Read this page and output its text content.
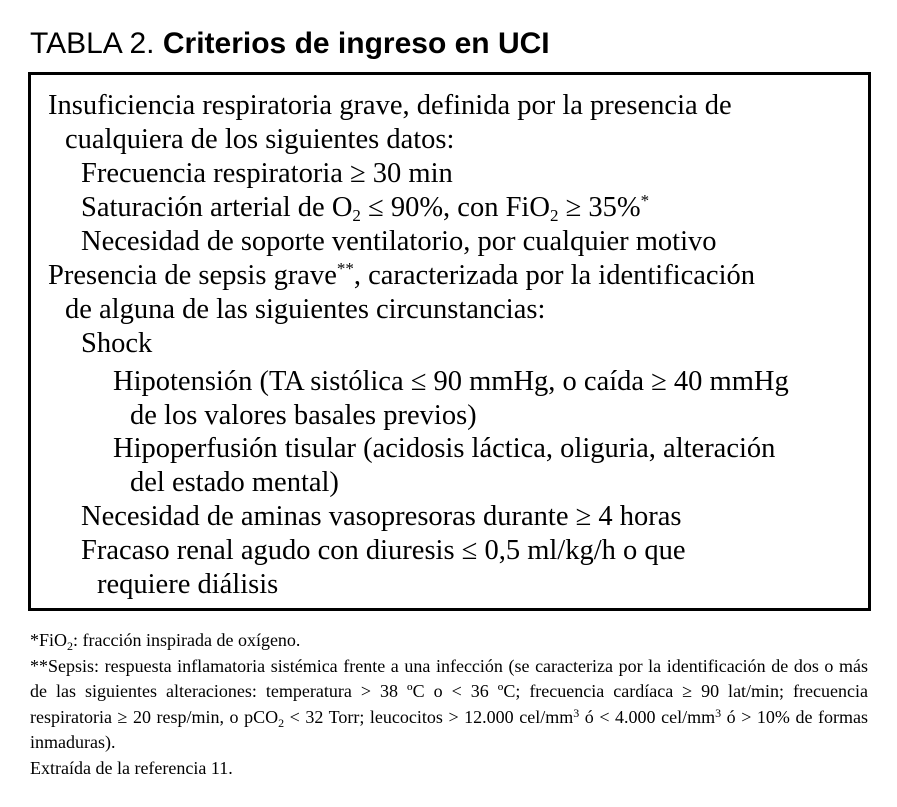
TABLA 2. Criterios de ingreso en UCI

Insuficiencia respiratoria grave, definida por la presencia de

cualquiera de los siguientes datos:

Frecuencia respiratoria ≥ 30 min

Saturación arterial de $O_2 \le 90\%$, con FiO$_2$ ≥ 35%*

Necesidad de soporte ventilatorio, por cualquier motivo

Presencia de sepsis grave**, caracterizada por la identificación

de alguna de las siguientes circunstancias:

Shock

Hipotensión (TA sistólica ≤ 90 mmHg, o caída ≥ 40 mmHg

de los valores basales previos)

Hipoperfusión tisular (acidosis láctica, oliguria, alteración

del estado mental)

Necesidad de aminas vasopresoras durante ≥ 4 horas

Fracaso renal agudo con diuresis ≤ 0,5 ml/kg/h o que

requiere diálisis

*FiO$_2$: fracción inspirada de oxígeno.

**Sepsis: respuesta inflamatoria sistémica frente a una infección (se caracteriza por la identificación de dos o más de las siguientes alteraciones: temperatura > 38 ºC o < 36 ºC; frecuencia cardíaca ≥ 90 lat/min; frecuencia respiratoria ≥ 20 resp/min, o pCO$_2$ < 32 Torr; leucocitos > 12.000 cel/$mm^3$ ó < 4.000 cel/$mm^3$ ó > 10% de formas inmaduras).

Extraída de la referencia 11.
